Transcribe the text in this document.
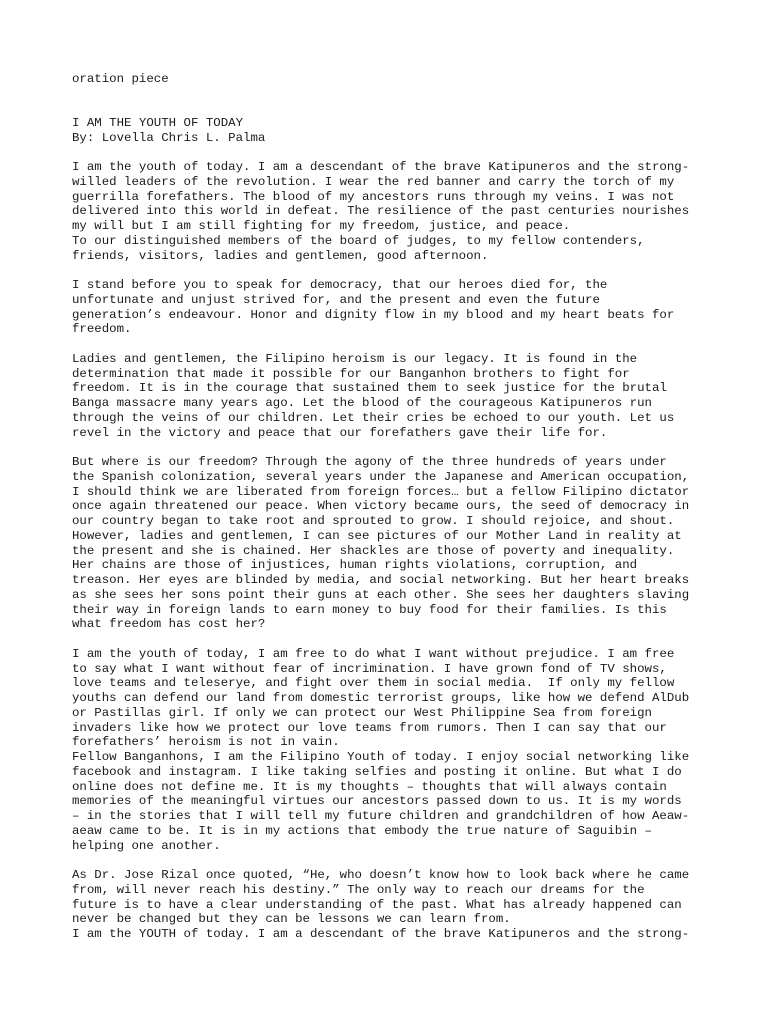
oration piece
I AM THE YOUTH OF TODAY
By: Lovella Chris L. Palma
I am the youth of today. I am a descendant of the brave Katipuneros and the strong-
willed leaders of the revolution. I wear the red banner and carry the torch of my
guerrilla forefathers. The blood of my ancestors runs through my veins. I was not
delivered into this world in defeat. The resilience of the past centuries nourishes
my will but I am still fighting for my freedom, justice, and peace.
To our distinguished members of the board of judges, to my fellow contenders,
friends, visitors, ladies and gentlemen, good afternoon.
I stand before you to speak for democracy, that our heroes died for, the
unfortunate and unjust strived for, and the present and even the future
generation’s endeavour. Honor and dignity flow in my blood and my heart beats for
freedom.
Ladies and gentlemen, the Filipino heroism is our legacy. It is found in the
determination that made it possible for our Banganhon brothers to fight for
freedom. It is in the courage that sustained them to seek justice for the brutal
Banga massacre many years ago. Let the blood of the courageous Katipuneros run
through the veins of our children. Let their cries be echoed to our youth. Let us
revel in the victory and peace that our forefathers gave their life for.
But where is our freedom? Through the agony of the three hundreds of years under
the Spanish colonization, several years under the Japanese and American occupation,
I should think we are liberated from foreign forces… but a fellow Filipino dictator
once again threatened our peace. When victory became ours, the seed of democracy in
our country began to take root and sprouted to grow. I should rejoice, and shout.
However, ladies and gentlemen, I can see pictures of our Mother Land in reality at
the present and she is chained. Her shackles are those of poverty and inequality.
Her chains are those of injustices, human rights violations, corruption, and
treason. Her eyes are blinded by media, and social networking. But her heart breaks
as she sees her sons point their guns at each other. She sees her daughters slaving
their way in foreign lands to earn money to buy food for their families. Is this
what freedom has cost her?
I am the youth of today, I am free to do what I want without prejudice. I am free
to say what I want without fear of incrimination. I have grown fond of TV shows,
love teams and teleserye, and fight over them in social media.  If only my fellow
youths can defend our land from domestic terrorist groups, like how we defend AlDub
or Pastillas girl. If only we can protect our West Philippine Sea from foreign
invaders like how we protect our love teams from rumors. Then I can say that our
forefathers’ heroism is not in vain.
Fellow Banganhons, I am the Filipino Youth of today. I enjoy social networking like
facebook and instagram. I like taking selfies and posting it online. But what I do
online does not define me. It is my thoughts – thoughts that will always contain
memories of the meaningful virtues our ancestors passed down to us. It is my words
– in the stories that I will tell my future children and grandchildren of how Aeaw-
aeaw came to be. It is in my actions that embody the true nature of Saguibin –
helping one another.
As Dr. Jose Rizal once quoted, “He, who doesn’t know how to look back where he came
from, will never reach his destiny.” The only way to reach our dreams for the
future is to have a clear understanding of the past. What has already happened can
never be changed but they can be lessons we can learn from.
I am the YOUTH of today. I am a descendant of the brave Katipuneros and the strong-
